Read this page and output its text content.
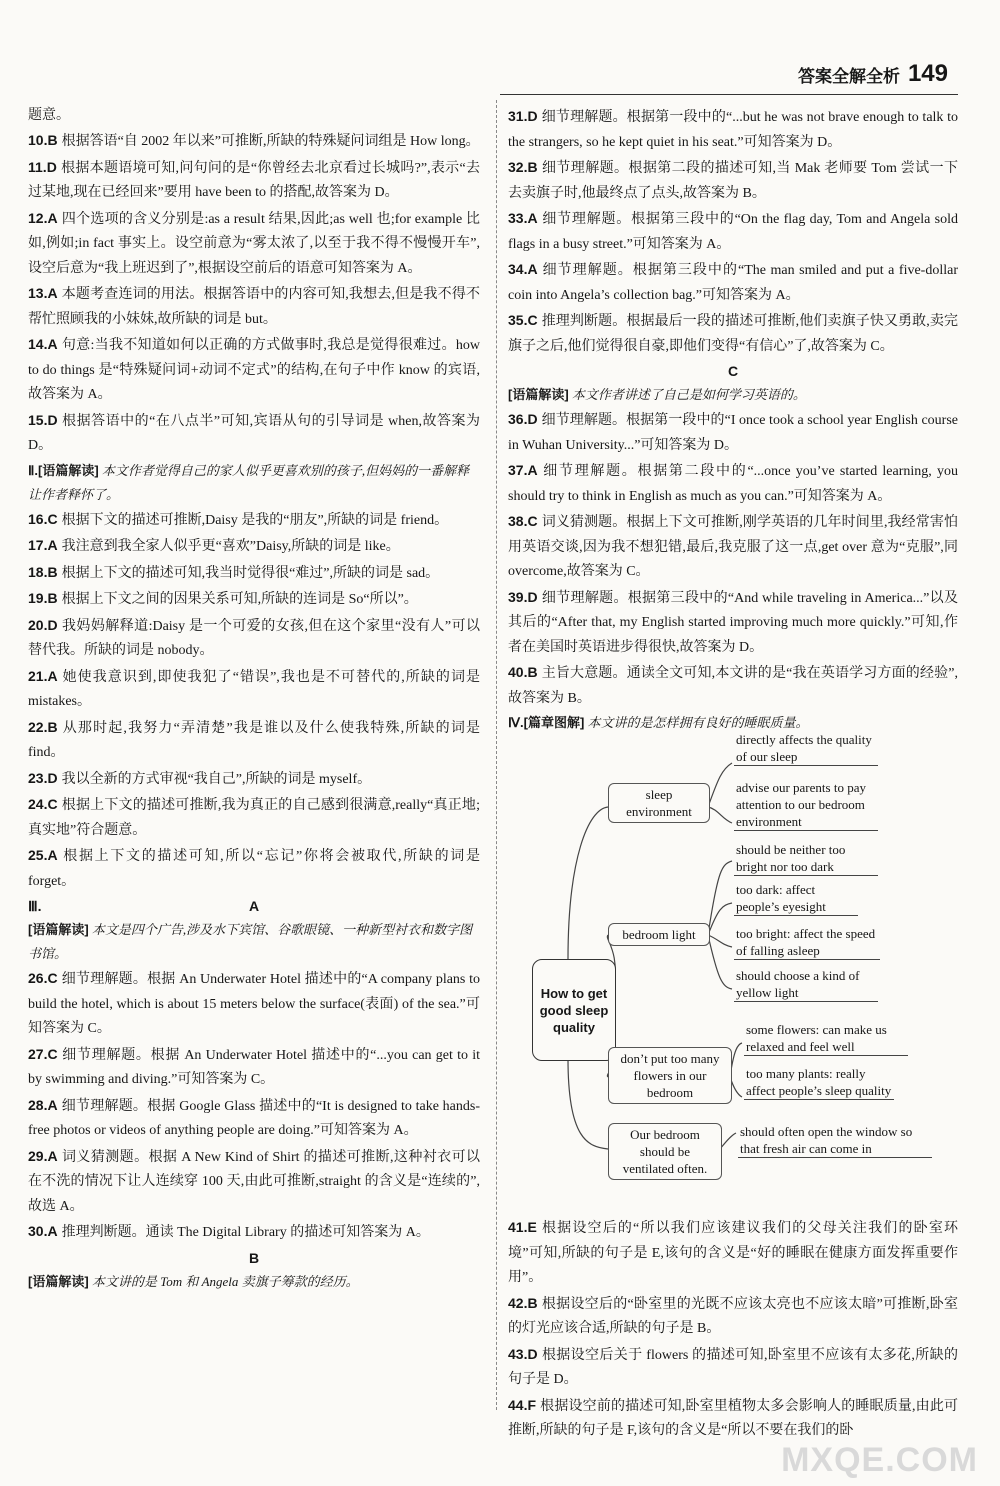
答案全解全析 149
题意。
10.B 根据答语“自 2002 年以来”可推断,所缺的特殊疑问词组是 How long。
11.D 根据本题语境可知,问句问的是“你曾经去北京看过长城吗?”,表示“去过某地,现在已经回来”要用 have been to 的搭配,故答案为 D。
12.A 四个选项的含义分别是:as a result 结果,因此;as well 也;for example 比如,例如;in fact 事实上。设空前意为“雾太浓了,以至于我不得不慢慢开车”,设空后意为“我上班迟到了”,根据设空前后的语意可知答案为 A。
13.A 本题考查连词的用法。根据答语中的内容可知,我想去,但是我不得不帮忙照顾我的小妹妹,故所缺的词是 but。
14.A 句意:当我不知道如何以正确的方式做事时,我总是觉得很难过。how to do things 是“特殊疑问词+动词不定式”的结构,在句子中作 know 的宾语,故答案为 A。
15.D 根据答语中的“在八点半”可知,宾语从句的引导词是 when,故答案为 D。
Ⅱ.[语篇解读] 本文作者觉得自己的家人似乎更喜欢别的孩子,但妈妈的一番解释让作者释怀了。
16.C 根据下文的描述可推断,Daisy 是我的“朋友”,所缺的词是 friend。
17.A 我注意到我全家人似乎更“喜欢”Daisy,所缺的词是 like。
18.B 根据上下文的描述可知,我当时觉得很“难过”,所缺的词是 sad。
19.B 根据上下文之间的因果关系可知,所缺的连词是 So“所以”。
20.D 我妈妈解释道:Daisy 是一个可爱的女孩,但在这个家里“没有人”可以替代我。所缺的词是 nobody。
21.A 她使我意识到,即使我犯了“错误”,我也是不可替代的,所缺的词是 mistakes。
22.B 从那时起,我努力“弄清楚”我是谁以及什么使我特殊,所缺的词是 find。
23.D 我以全新的方式审视“我自己”,所缺的词是 myself。
24.C 根据上下文的描述可推断,我为真正的自己感到很满意,really“真正地;真实地”符合题意。
25.A 根据上下文的描述可知,所以“忘记”你将会被取代,所缺的词是 forget。
Ⅲ.	A
[语篇解读] 本文是四个广告,涉及水下宾馆、谷歌眼镜、一种新型衬衣和数字图书馆。
26.C 细节理解题。根据 An Underwater Hotel 描述中的“A company plans to build the hotel, which is about 15 meters below the surface(表面) of the sea.”可知答案为 C。
27.C 细节理解题。根据 An Underwater Hotel 描述中的“...you can get to it by swimming and diving.”可知答案为 C。
28.A 细节理解题。根据 Google Glass 描述中的“It is designed to take hands-free photos or videos of anything people are doing.”可知答案为 A。
29.A 词义猜测题。根据 A New Kind of Shirt 的描述可推断,这种衬衣可以在不洗的情况下让人连续穿 100 天,由此可推断,straight 的含义是“连续的”,故选 A。
30.A 推理判断题。通读 The Digital Library 的描述可知答案为 A。
B
[语篇解读] 本文讲的是 Tom 和 Angela 卖旗子筹款的经历。
31.D 细节理解题。根据第一段中的“...but he was not brave enough to talk to the strangers, so he kept quiet in his seat.”可知答案为 D。
32.B 细节理解题。根据第二段的描述可知,当 Mak 老师要 Tom 尝试一下去卖旗子时,他最终点了点头,故答案为 B。
33.A 细节理解题。根据第三段中的“On the flag day, Tom and Angela sold flags in a busy street.”可知答案为 A。
34.A 细节理解题。根据第三段中的“The man smiled and put a five-dollar coin into Angela’s collection bag.”可知答案为 A。
35.C 推理判断题。根据最后一段的描述可推断,他们卖旗子快又勇敢,卖完旗子之后,他们觉得很自豪,即他们变得“有信心”了,故答案为 C。
C
[语篇解读] 本文作者讲述了自己是如何学习英语的。
36.D 细节理解题。根据第一段中的“I once took a school year English course in Wuhan University...”可知答案为 D。
37.A 细节理解题。根据第二段中的“...once you’ve started learning, you should try to think in English as much as you can.”可知答案为 A。
38.C 词义猜测题。根据上下文可推断,刚学英语的几年时间里,我经常害怕用英语交谈,因为我不想犯错,最后,我克服了这一点,get over 意为“克服”,同 overcome,故答案为 C。
39.D 细节理解题。根据第三段中的“And while traveling in America...”以及其后的“After that, my English started improving much more quickly.”可知,作者在美国时英语进步得很快,故答案为 D。
40.B 主旨大意题。通读全文可知,本文讲的是“我在英语学习方面的经验”,故答案为 B。
Ⅳ.[篇章图解] 本文讲的是怎样拥有良好的睡眠质量。
How to get good sleep quality
sleep environment
directly affects the quality of our sleep
advise our parents to pay attention to our bedroom environment
bedroom light
should be neither too bright nor too dark
too dark: affect people’s eyesight
too bright: affect the speed of falling asleep
should choose a kind of yellow light
don’t put too many flowers in our bedroom
some flowers: can make us relaxed and feel well
too many plants: really affect people’s sleep quality
Our bedroom should be ventilated often.
should often open the window so that fresh air can come in
41.E 根据设空后的“所以我们应该建议我们的父母关注我们的卧室环境”可知,所缺的句子是 E,该句的含义是“好的睡眠在健康方面发挥重要作用”。
42.B 根据设空后的“卧室里的光既不应该太亮也不应该太暗”可推断,卧室的灯光应该合适,所缺的句子是 B。
43.D 根据设空后关于 flowers 的描述可知,卧室里不应该有太多花,所缺的句子是 D。
44.F 根据设空前的描述可知,卧室里植物太多会影响人的睡眠质量,由此可推断,所缺的句子是 F,该句的含义是“所以不要在我们的卧
MXQE.COM
